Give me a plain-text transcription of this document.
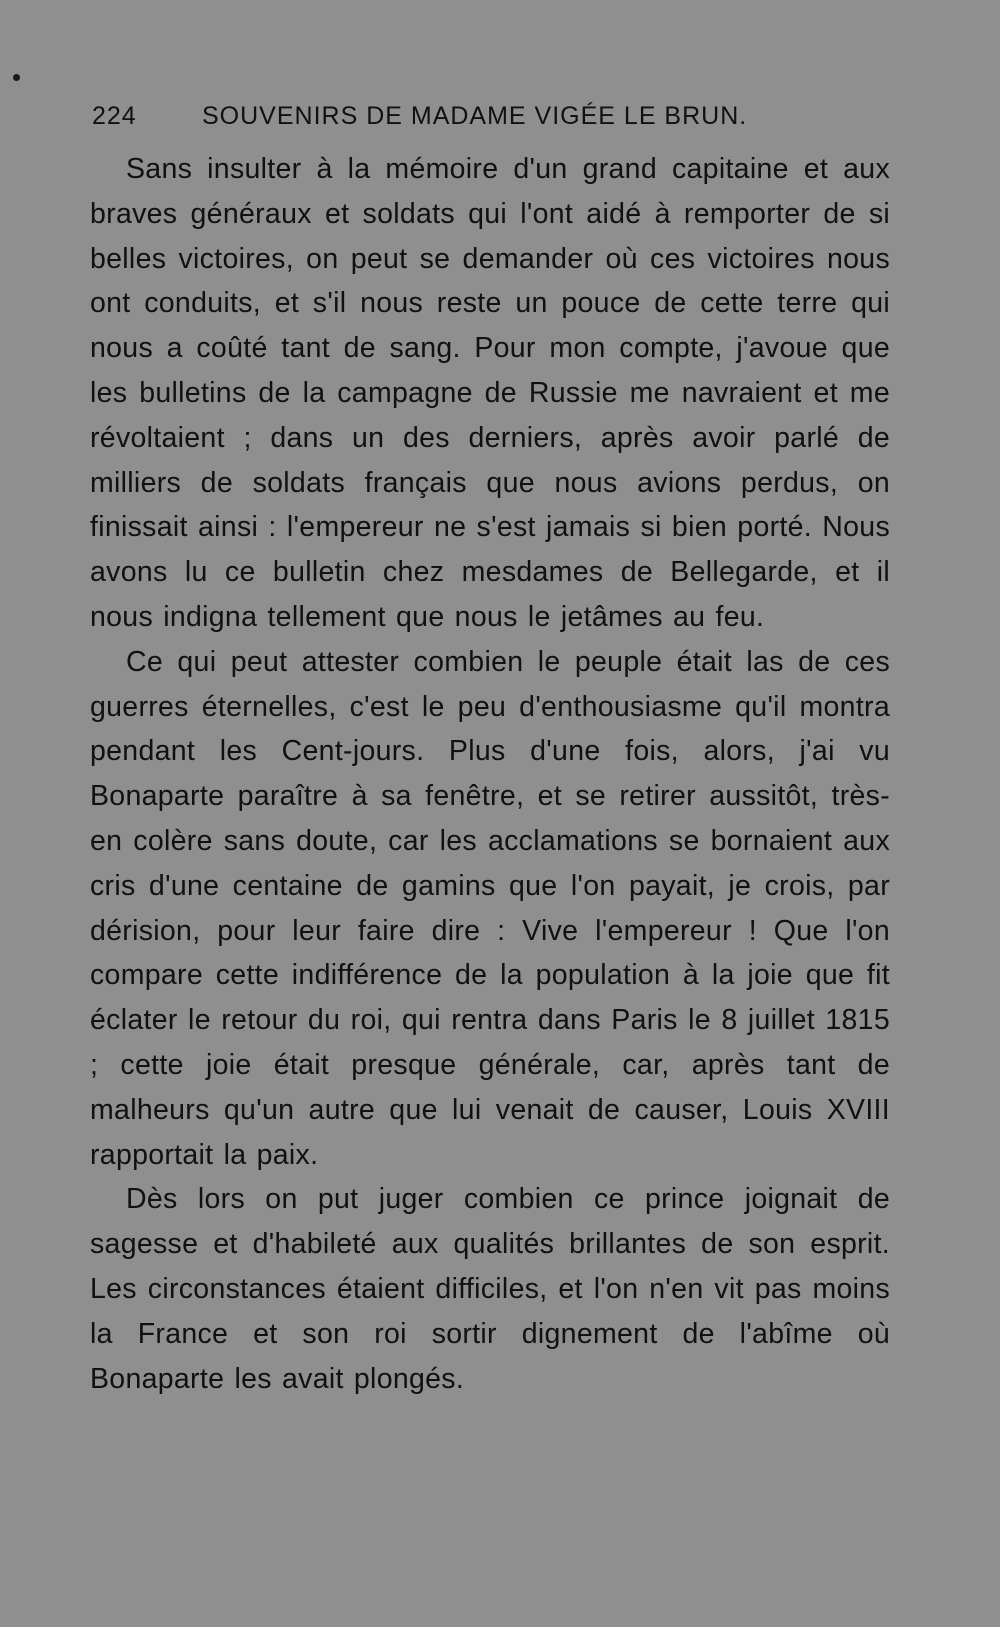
224	SOUVENIRS DE MADAME VIGÉE LE BRUN.

Sans insulter à la mémoire d'un grand capitaine et aux braves généraux et soldats qui l'ont aidé à remporter de si belles victoires, on peut se demander où ces victoires nous ont conduits, et s'il nous reste un pouce de cette terre qui nous a coûté tant de sang. Pour mon compte, j'avoue que les bulletins de la campagne de Russie me navraient et me révoltaient ; dans un des derniers, après avoir parlé de milliers de soldats français que nous avions perdus, on finissait ainsi : l'empereur ne s'est jamais si bien porté. Nous avons lu ce bulletin chez mesdames de Bellegarde, et il nous indigna tellement que nous le jetâmes au feu.

Ce qui peut attester combien le peuple était las de ces guerres éternelles, c'est le peu d'enthousiasme qu'il montra pendant les Cent-jours. Plus d'une fois, alors, j'ai vu Bonaparte paraître à sa fenêtre, et se retirer aussitôt, très-en colère sans doute, car les acclamations se bornaient aux cris d'une centaine de gamins que l'on payait, je crois, par dérision, pour leur faire dire : Vive l'empereur ! Que l'on compare cette indifférence de la population à la joie que fit éclater le retour du roi, qui rentra dans Paris le 8 juillet 1815 ; cette joie était presque générale, car, après tant de malheurs qu'un autre que lui venait de causer, Louis XVIII rapportait la paix.

Dès lors on put juger combien ce prince joignait de sagesse et d'habileté aux qualités brillantes de son esprit. Les circonstances étaient difficiles, et l'on n'en vit pas moins la France et son roi sortir dignement de l'abîme où Bonaparte les avait plongés.
